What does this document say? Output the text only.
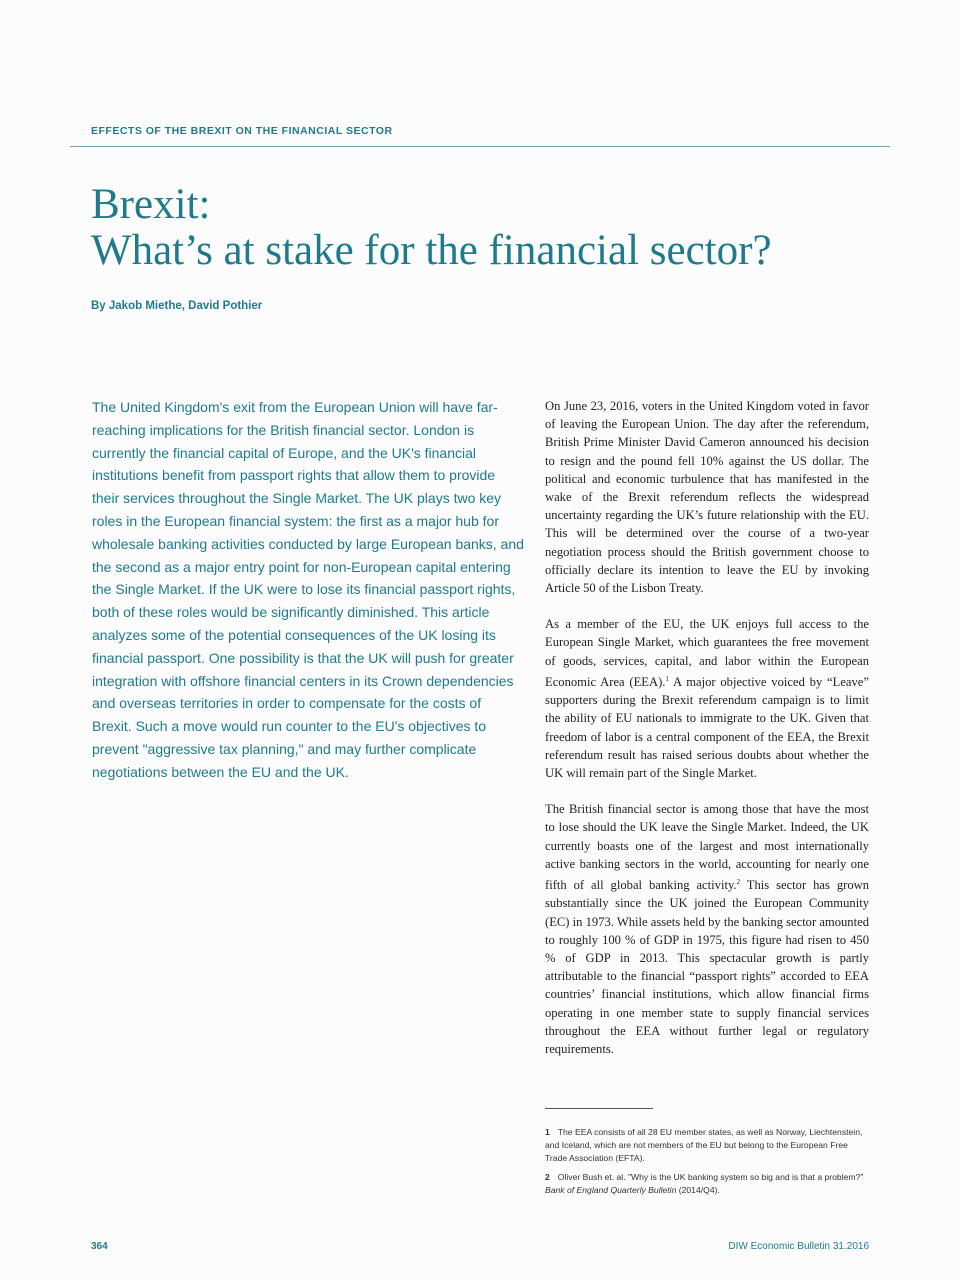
EFFECTS OF THE BREXIT ON THE FINANCIAL SECTOR
Brexit:
What’s at stake for the financial sector?
By Jakob Miethe, David Pothier
The United Kingdom's exit from the European Union will have far-reaching implications for the British financial sector. London is currently the financial capital of Europe, and the UK's financial institutions benefit from passport rights that allow them to provide their services throughout the Single Market. The UK plays two key roles in the European financial system: the first as a major hub for wholesale banking activities conducted by large European banks, and the second as a major entry point for non-European capital entering the Single Market. If the UK were to lose its financial passport rights, both of these roles would be significantly diminished. This article analyzes some of the potential consequences of the UK losing its financial passport. One possibility is that the UK will push for greater integration with offshore financial centers in its Crown dependencies and overseas territories in order to compensate for the costs of Brexit. Such a move would run counter to the EU's objectives to prevent "aggressive tax planning," and may further complicate negotiations between the EU and the UK.

On June 23, 2016, voters in the United Kingdom voted in favor of leaving the European Union. The day after the referendum, British Prime Minister David Cameron announced his decision to resign and the pound fell 10% against the US dollar. The political and economic turbulence that has manifested in the wake of the Brexit referendum reflects the widespread uncertainty regarding the UK’s future relationship with the EU. This will be determined over the course of a two-year negotiation process should the British government choose to officially declare its intention to leave the EU by invoking Article 50 of the Lisbon Treaty.

As a member of the EU, the UK enjoys full access to the European Single Market, which guarantees the free movement of goods, services, capital, and labor within the European Economic Area (EEA).$^1$ A major objective voiced by “Leave” supporters during the Brexit referendum campaign is to limit the ability of EU nationals to immigrate to the UK. Given that freedom of labor is a central component of the EEA, the Brexit referendum result has raised serious doubts about whether the UK will remain part of the Single Market.

The British financial sector is among those that have the most to lose should the UK leave the Single Market. Indeed, the UK currently boasts one of the largest and most internationally active banking sectors in the world, accounting for nearly one fifth of all global banking activity.$^2$ This sector has grown substantially since the UK joined the European Community (EC) in 1973. While assets held by the banking sector amounted to roughly 100 % of GDP in 1975, this figure had risen to 450 % of GDP in 2013. This spectacular growth is partly attributable to the financial “passport rights” accorded to EEA countries’ financial institutions, which allow financial firms operating in one member state to supply financial services throughout the EEA without further legal or regulatory requirements.

1 The EEA consists of all 28 EU member states, as well as Norway, Liechtenstein, and Iceland, which are not members of the EU but belong to the European Free Trade Association (EFTA).
2 Oliver Bush et. al. "Why is the UK banking system so big and is that a problem?" Bank of England Quarterly Bulletin (2014/Q4).
364	DIW Economic Bulletin 31.2016
